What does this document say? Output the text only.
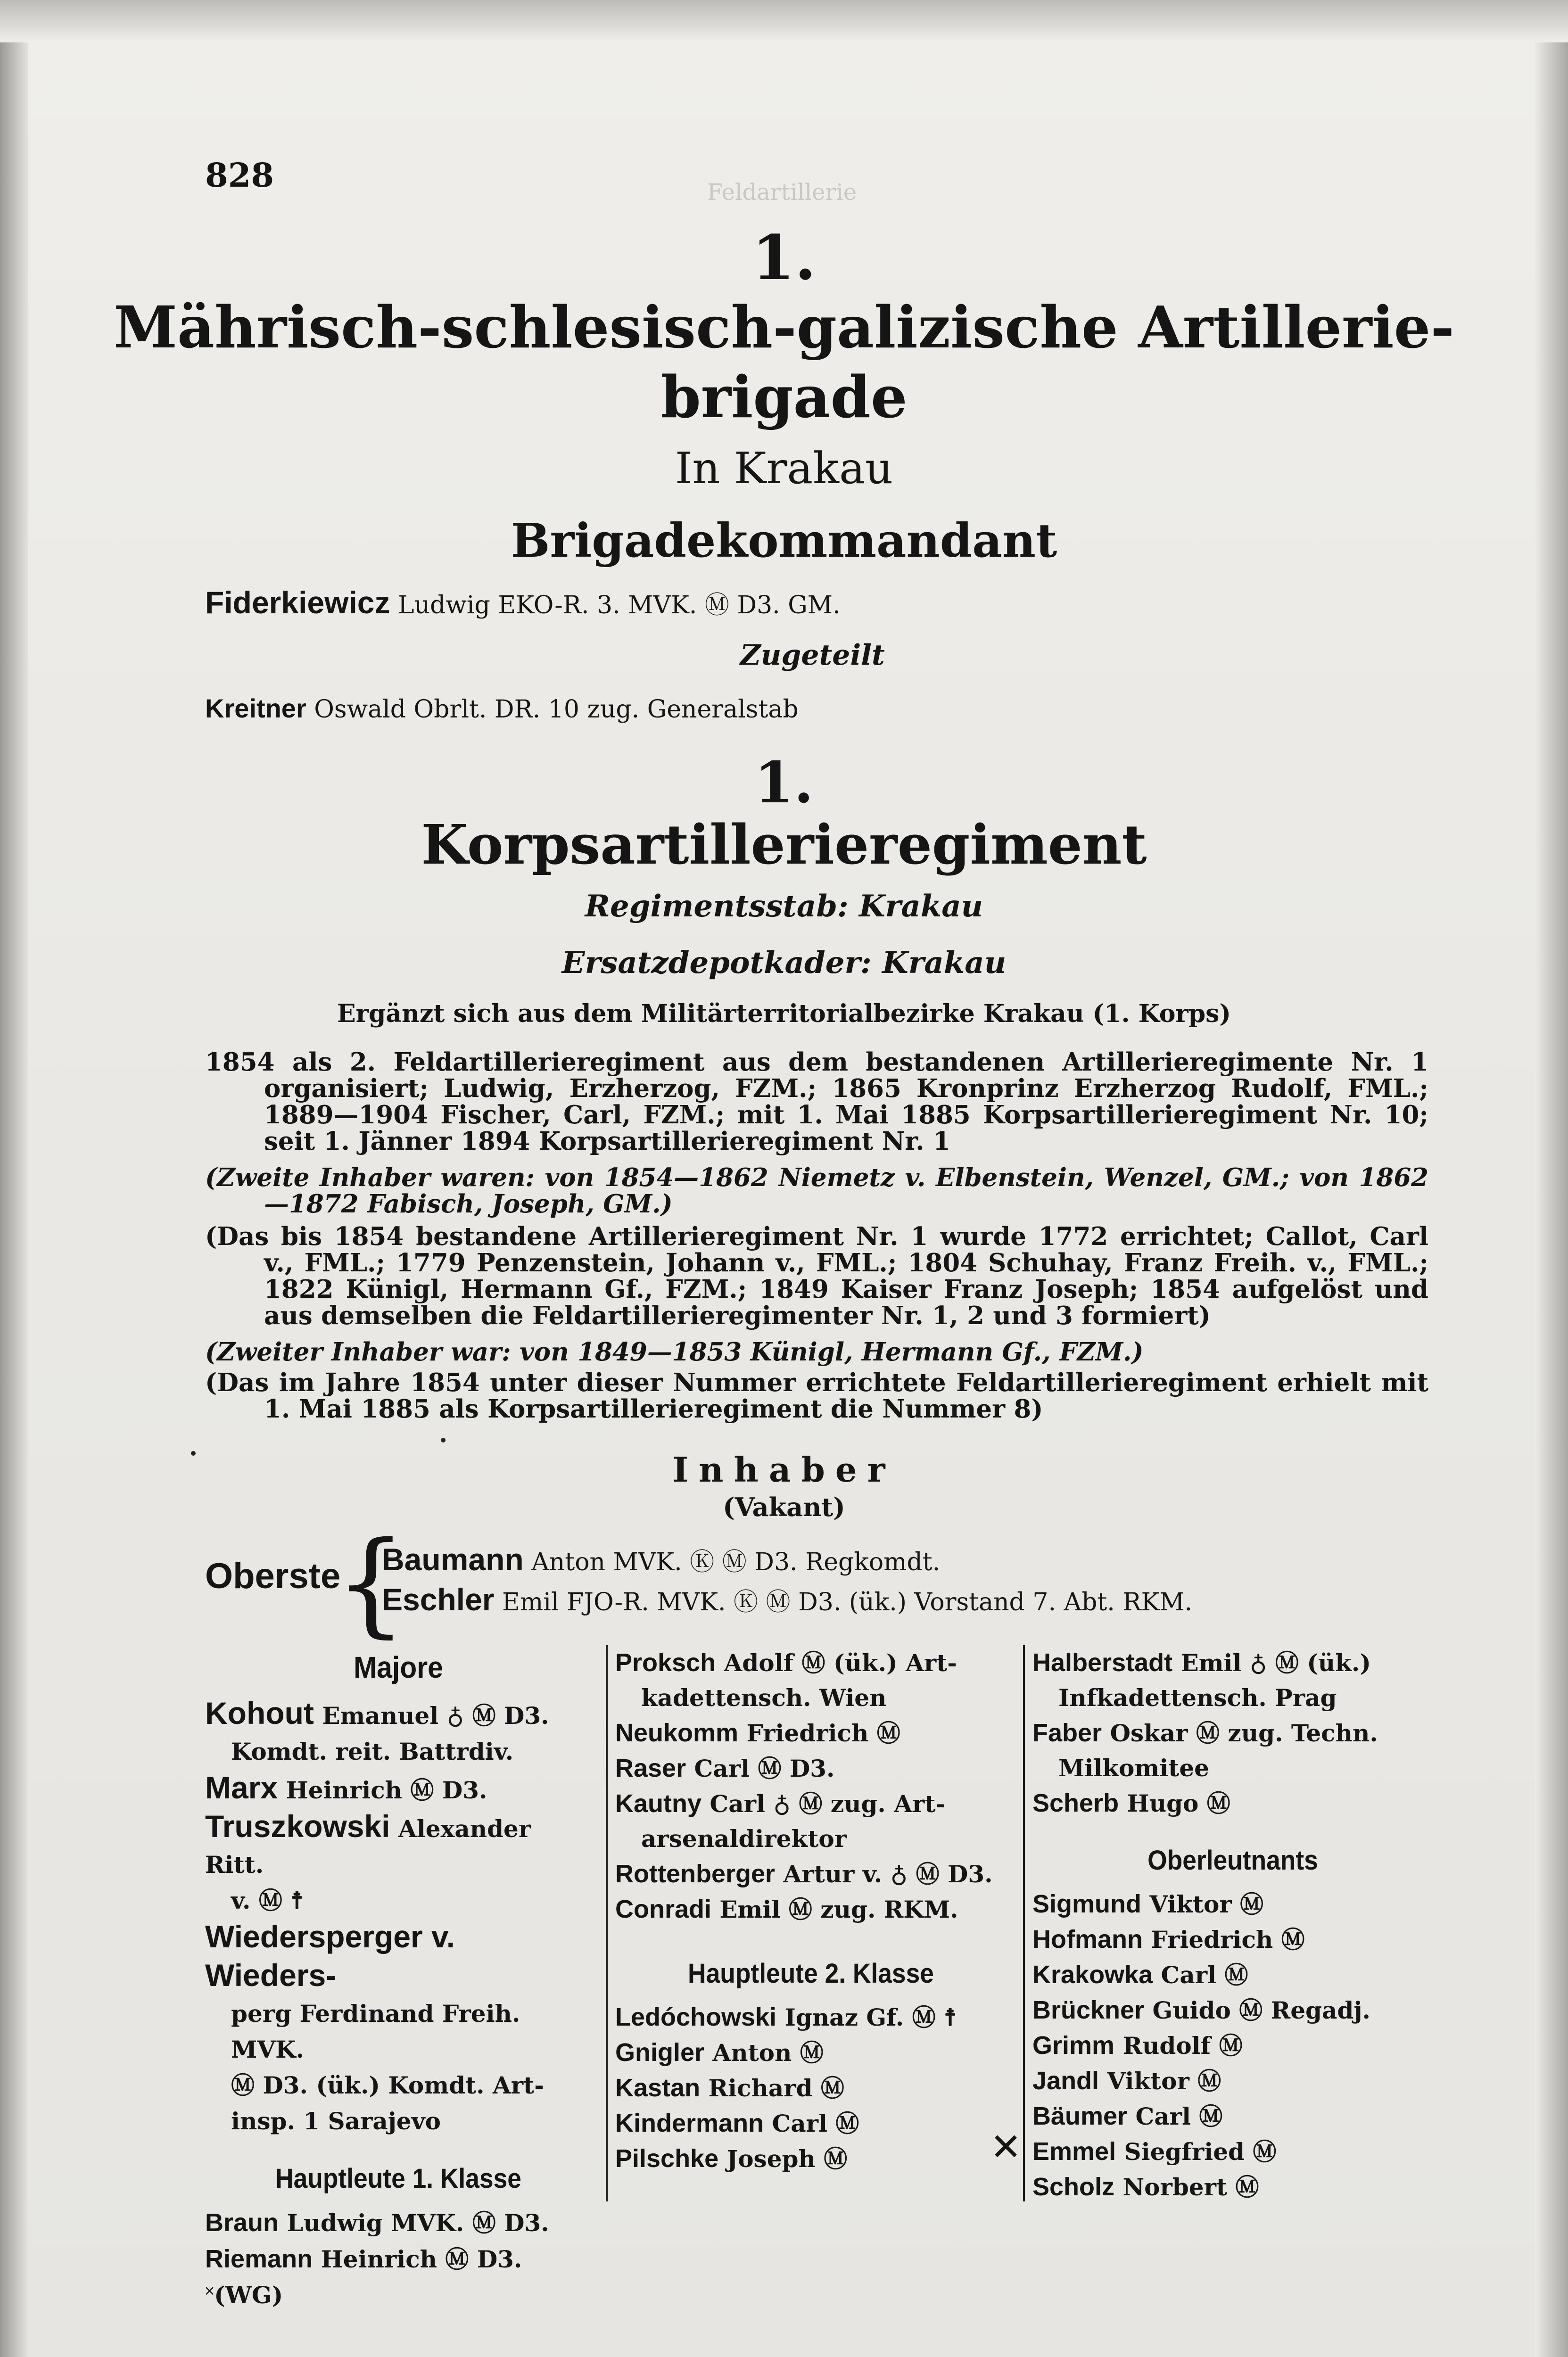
828	Feldartillerie

1.

Mährisch-schlesisch-galizische Artillerie-
brigade

In Krakau

Brigadekommandant

Fiderkiewicz Ludwig EKO-R. 3. MVK. Ⓜ D3. GM.

Zugeteilt

Kreitner Oswald Obrlt. DR. 10 zug. Generalstab

1.

Korpsartillerieregiment

Regimentsstab: Krakau

Ersatzdepotkader: Krakau

Ergänzt sich aus dem Militärterritorialbezirke Krakau (1. Korps)

1854 als 2. Feldartillerieregiment aus dem bestandenen Artillerieregimente Nr. 1 organisiert; Ludwig, Erzherzog, FZM.; 1865 Kronprinz Erzherzog Rudolf, FML.; 1889—1904 Fischer, Carl, FZM.; mit 1. Mai 1885 Korpsartillerieregiment Nr. 10; seit 1. Jänner 1894 Korpsartillerieregiment Nr. 1

(Zweite Inhaber waren: von 1854—1862 Niemetz v. Elbenstein, Wenzel, GM.; von 1862—1872 Fabisch, Joseph, GM.)

(Das bis 1854 bestandene Artillerieregiment Nr. 1 wurde 1772 errichtet; Callot, Carl v., FML.; 1779 Penzenstein, Johann v., FML.; 1804 Schuhay, Franz Freih. v., FML.; 1822 Künigl, Hermann Gf., FZM.; 1849 Kaiser Franz Joseph; 1854 aufgelöst und aus demselben die Feldartillerieregimenter Nr. 1, 2 und 3 formiert)

(Zweiter Inhaber war: von 1849—1853 Künigl, Hermann Gf., FZM.)

(Das im Jahre 1854 unter dieser Nummer errichtete Feldartillerieregiment erhielt mit 1. Mai 1885 als Korpsartillerieregiment die Nummer 8)

Inhaber

(Vakant)

Oberste

{

Baumann Anton MVK. Ⓚ Ⓜ D3. Regkomdt.

Eschler Emil FJO-R. MVK. Ⓚ Ⓜ D3. (ük.) Vorstand 7. Abt. RKM.

Majore
Kohout Emanuel ♁ Ⓜ D3.
Komdt. reit. Battrdiv.
Marx Heinrich Ⓜ D3.
Truszkowski Alexander Ritt.
v. Ⓜ ☨
Wiedersperger v. Wieders-
perg Ferdinand Freih. MVK.
Ⓜ D3. (ük.) Komdt. Art-
insp. 1 Sarajevo
Hauptleute 1. Klasse
Braun Ludwig MVK. Ⓜ D3.
Riemann Heinrich Ⓜ D3.˟(WG)
Proksch Adolf Ⓜ (ük.) Art-
kadettensch. Wien
Neukomm Friedrich Ⓜ
Raser Carl Ⓜ D3.
Kautny Carl ♁ Ⓜ zug. Art-
arsenaldirektor
Rottenberger Artur v. ♁ Ⓜ D3.
Conradi Emil Ⓜ zug. RKM.
Hauptleute 2. Klasse
Ledóchowski Ignaz Gf. Ⓜ ☨
Gnigler Anton Ⓜ
Kastan Richard Ⓜ
Kindermann Carl Ⓜ
Pilschke Joseph Ⓜ
Halberstadt Emil ♁ Ⓜ (ük.)
Infkadettensch. Prag
Faber Oskar Ⓜ zug. Techn.
Milkomitee
Scherb Hugo Ⓜ
Oberleutnants
Sigmund Viktor Ⓜ
Hofmann Friedrich Ⓜ
Krakowka Carl Ⓜ
Brückner Guido Ⓜ Regadj.
Grimm Rudolf Ⓜ
Jandl Viktor Ⓜ
Bäumer Carl Ⓜ
Emmel Siegfried Ⓜ
Scholz Norbert Ⓜ
✕
